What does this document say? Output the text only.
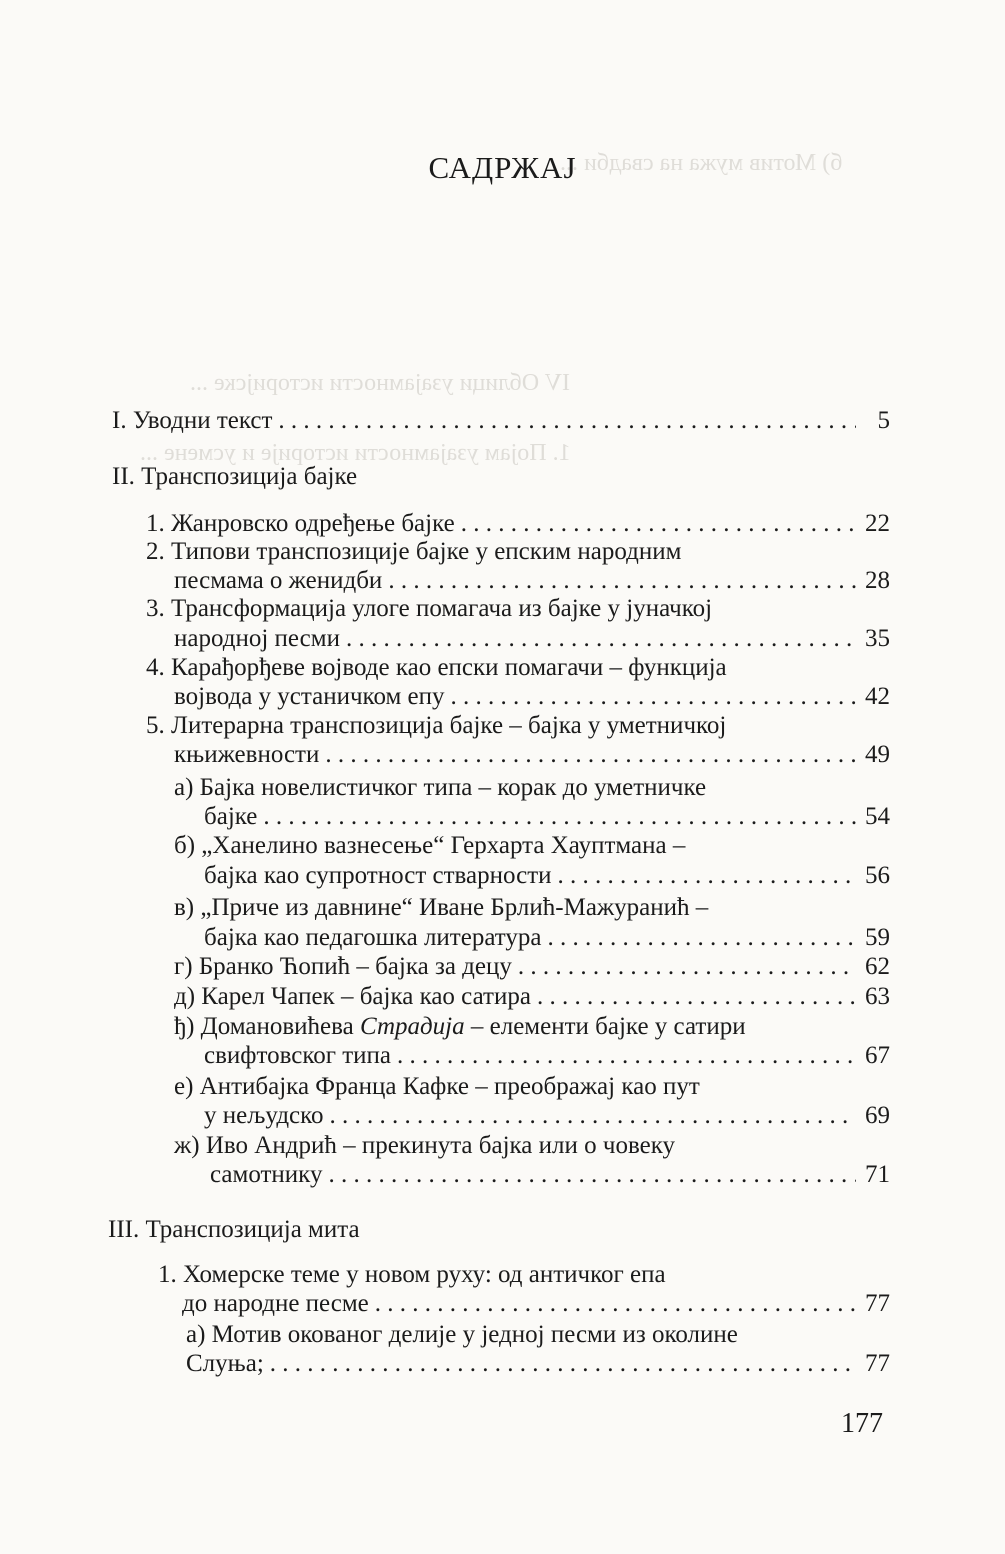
б) Мотив мужа на свадби ...
IV Облици узајамности историјске ...
1. Појам узајамности историје и усмене ...
САДРЖАЈ
I. Уводни текст . . .	5
II. Транспозиција бајке
1. Жанровско одређење бајке . . .	22
2. Типови транспозиције бајке у епским народним
песмама о женидби . . .	28
3. Трансформација улоге помагача из бајке у јуначкој
народној песми . . .	35
4. Карађорђеве војводе као епски помагачи – функција
војвода у устаничком епу . . .	42
5. Литерарна транспозиција бајке – бајка у уметничкој
књижевности . . .	49
а) Бајка новелистичког типа – корак до уметничке
бајке . . .	54
б) „Ханелино вазнесење“ Герхарта Хауптмана –
бајка као супротност стварности . . .	56
в) „Приче из давнине“ Иване Брлић-Мажуранић –
бајка као педагошка литература . . .	59
г) Бранко Ћопић – бајка за децу . . .	62
д) Карел Чапек – бајка као сатира . . .	63
ђ) Домановићева Страдија – елементи бајке у сатири
свифтовског типа . . .	67
е) Антибајка Франца Кафке – преображај као пут
у нељудско . . .	69
ж) Иво Андрић – прекинута бајка или о човеку
самотнику . . .	71
III. Транспозиција мита
1. Хомерске теме у новом руху: од античког епа
до народне песме . . .	77
а) Мотив окованог делије у једној песми из околине
Слуња; . . .	77
177
